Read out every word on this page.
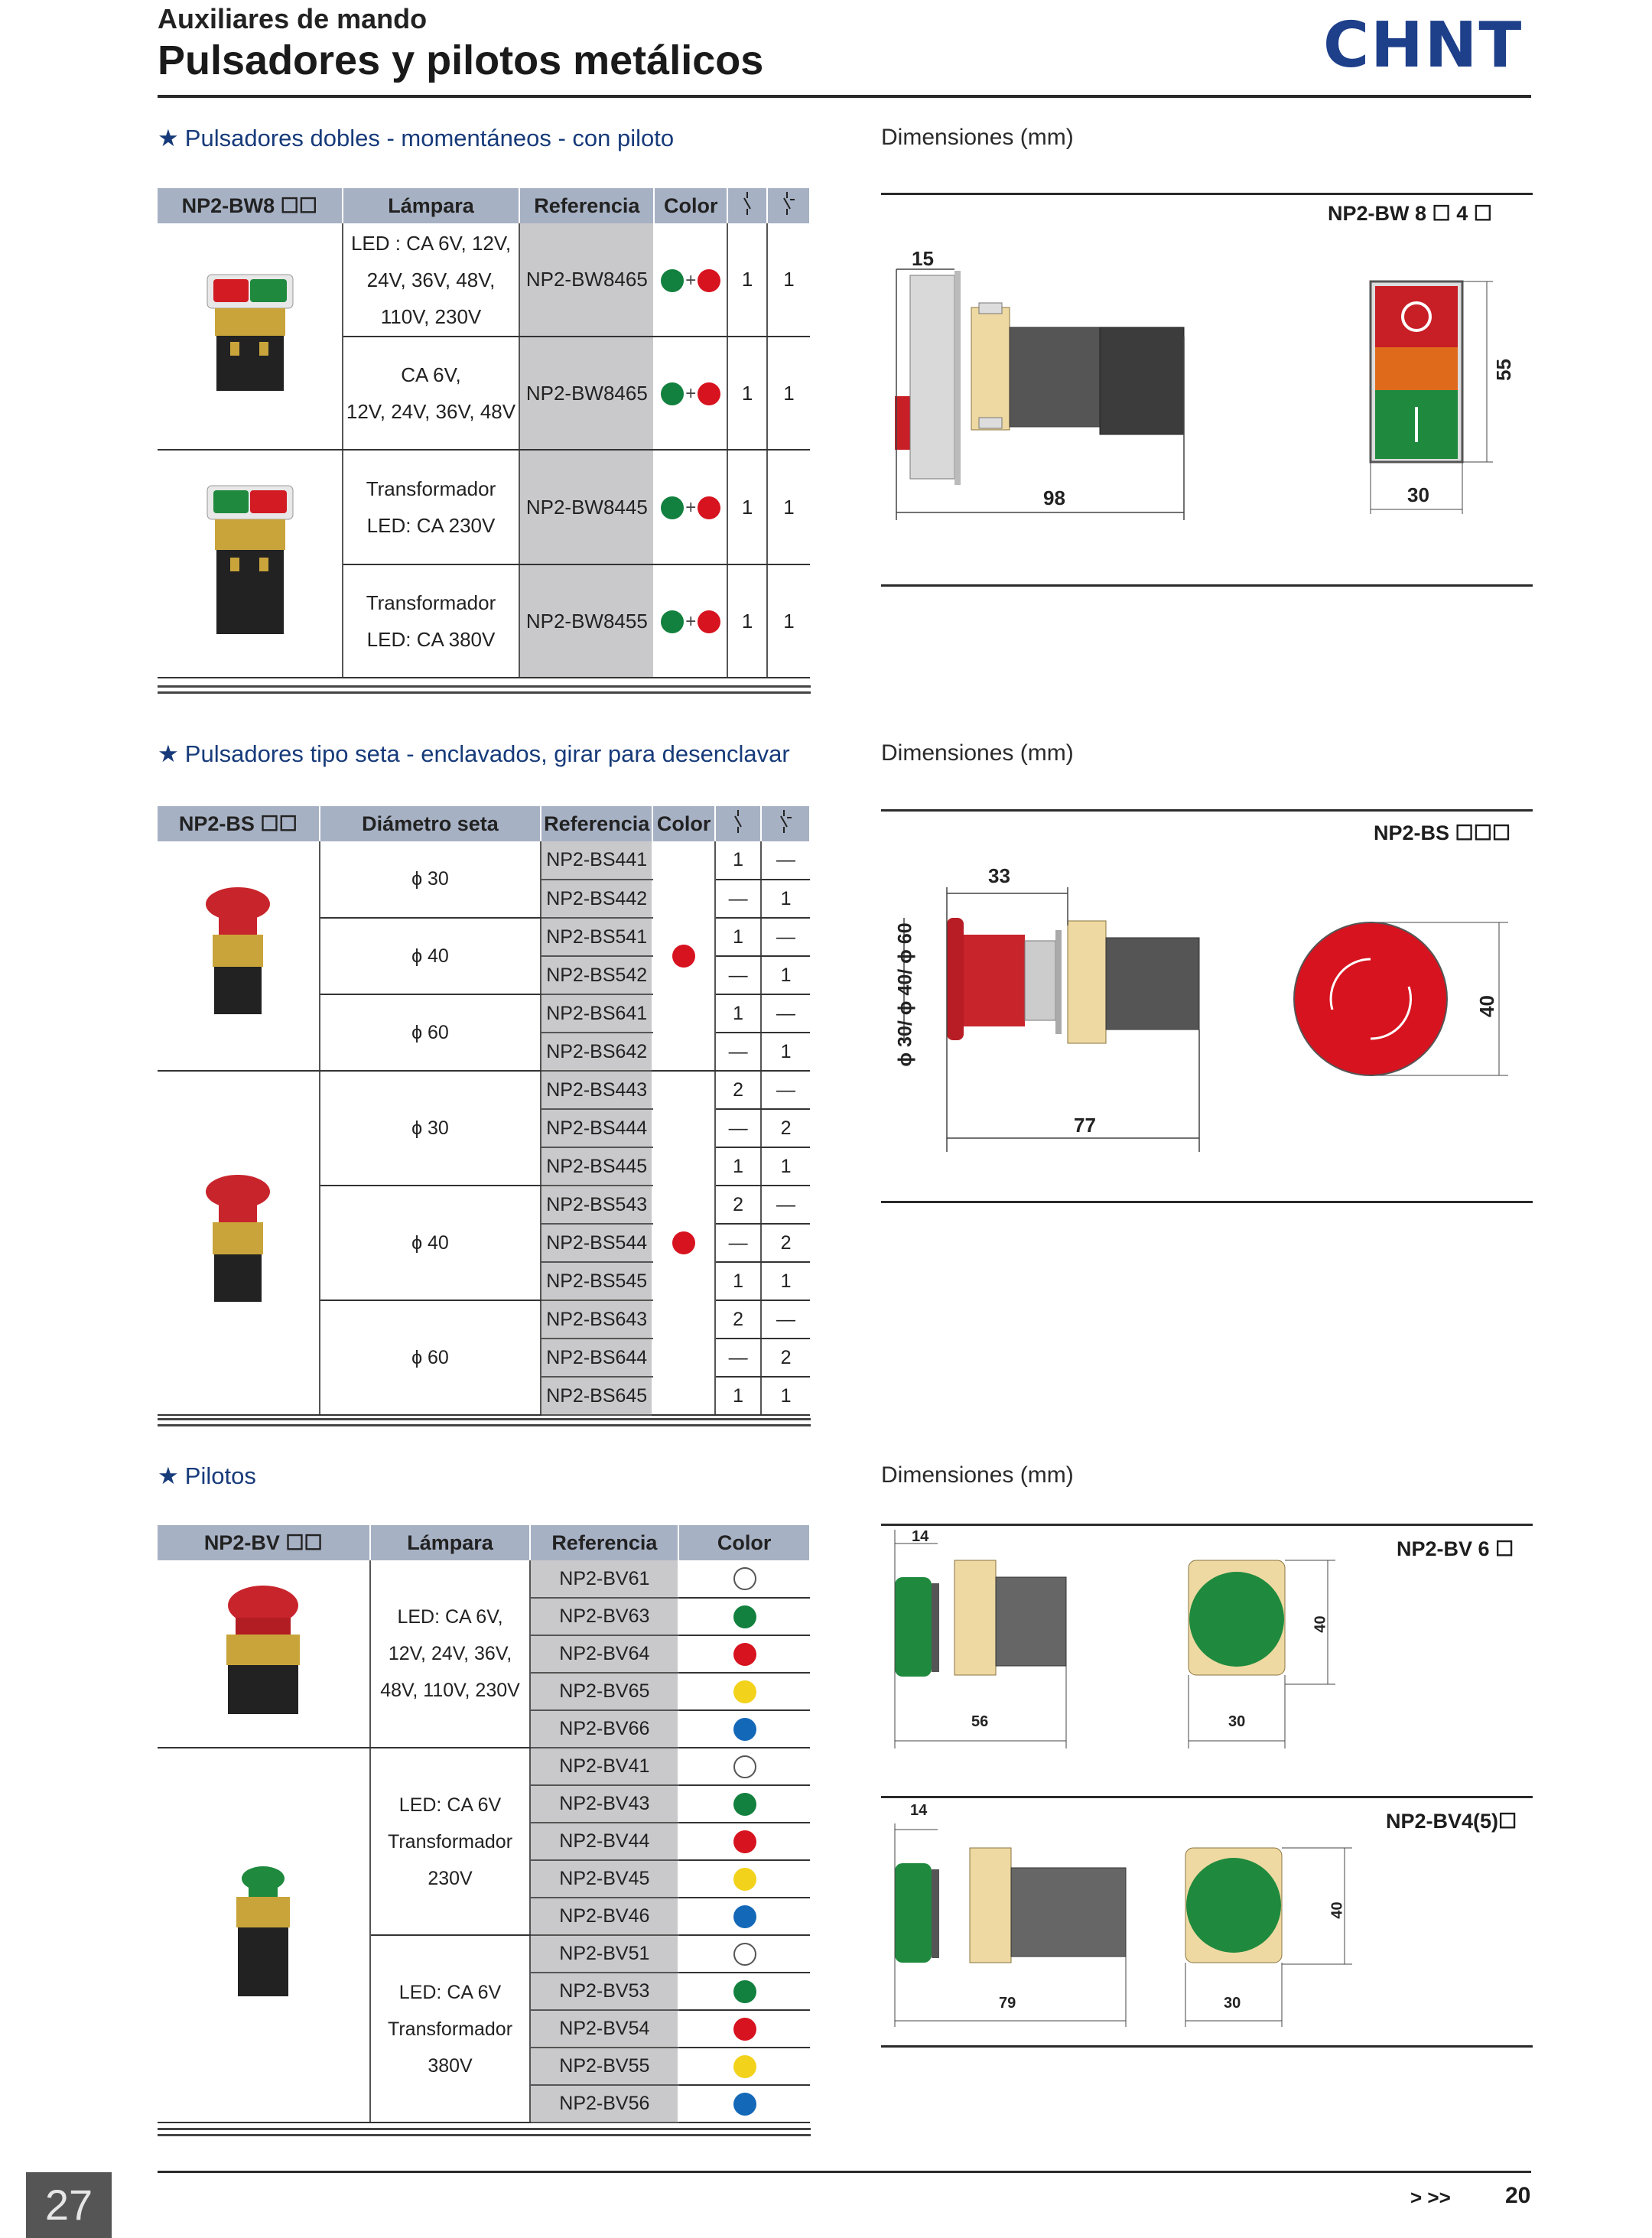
Auxiliares de mando
Pulsadores y pilotos metálicos	CHNT
★ Pulsadores dobles - momentáneos - con piloto	Dimensiones (mm)
NP2-BW8 ☐☐	Lámpara	Referencia	Color		

LED : CA 6V, 12V,
24V, 36V, 48V,
110V, 230V	NP2-BW8465	+	1	1

	CA 6V,
12V, 24V, 36V, 48V	NP2-BW8465	+	1	1

Transformador
LED: CA 230V	NP2-BW8445	+	1	1

	Transformador
LED: CA 380V	NP2-BW8455	+	1	1
NP2-BW 8 ☐ 4 ☐
15
98
55
30
★ Pulsadores tipo seta - enclavados, girar para desenclavar	Dimensiones (mm)
NP2-BS ☐☐	Diámetro seta	Referencia	Color		
	ϕ 30	NP2-BS441		1	—
		NP2-BS442		—	1
	ϕ 40	NP2-BS541		1	—
		NP2-BS542		—	1
	ϕ 60	NP2-BS641		1	—
		NP2-BS642		—	1
	ϕ 30	NP2-BS443		2	—
		NP2-BS444		—	2
		NP2-BS445		1	1
	ϕ 40	NP2-BS543		2	—
		NP2-BS544		—	2
		NP2-BS545		1	1
	ϕ 60	NP2-BS643		2	—
		NP2-BS644		—	2
		NP2-BS645		1	1
NP2-BS ☐☐☐
33
77
40
ϕ 30/ ϕ 40/ ϕ 60
★ Pilotos	Dimensiones (mm)
NP2-BV ☐☐	Lámpara	Referencia	Color

LED: CA 6V,
12V, 24V, 36V,
48V, 110V, 230V	NP2-BV61	
		NP2-BV63	
		NP2-BV64	
		NP2-BV65	
		NP2-BV66	

LED: CA 6V
Transformador
230V	NP2-BV41	
		NP2-BV43	
		NP2-BV44	
		NP2-BV45	
		NP2-BV46	

	LED: CA 6V
Transformador
380V	NP2-BV51	
		NP2-BV53	
		NP2-BV54	
		NP2-BV55	
		NP2-BV56	
NP2-BV 6 ☐
14
56	30
40
NP2-BV4(5)☐
14
79	30
40
> >> 20
27
